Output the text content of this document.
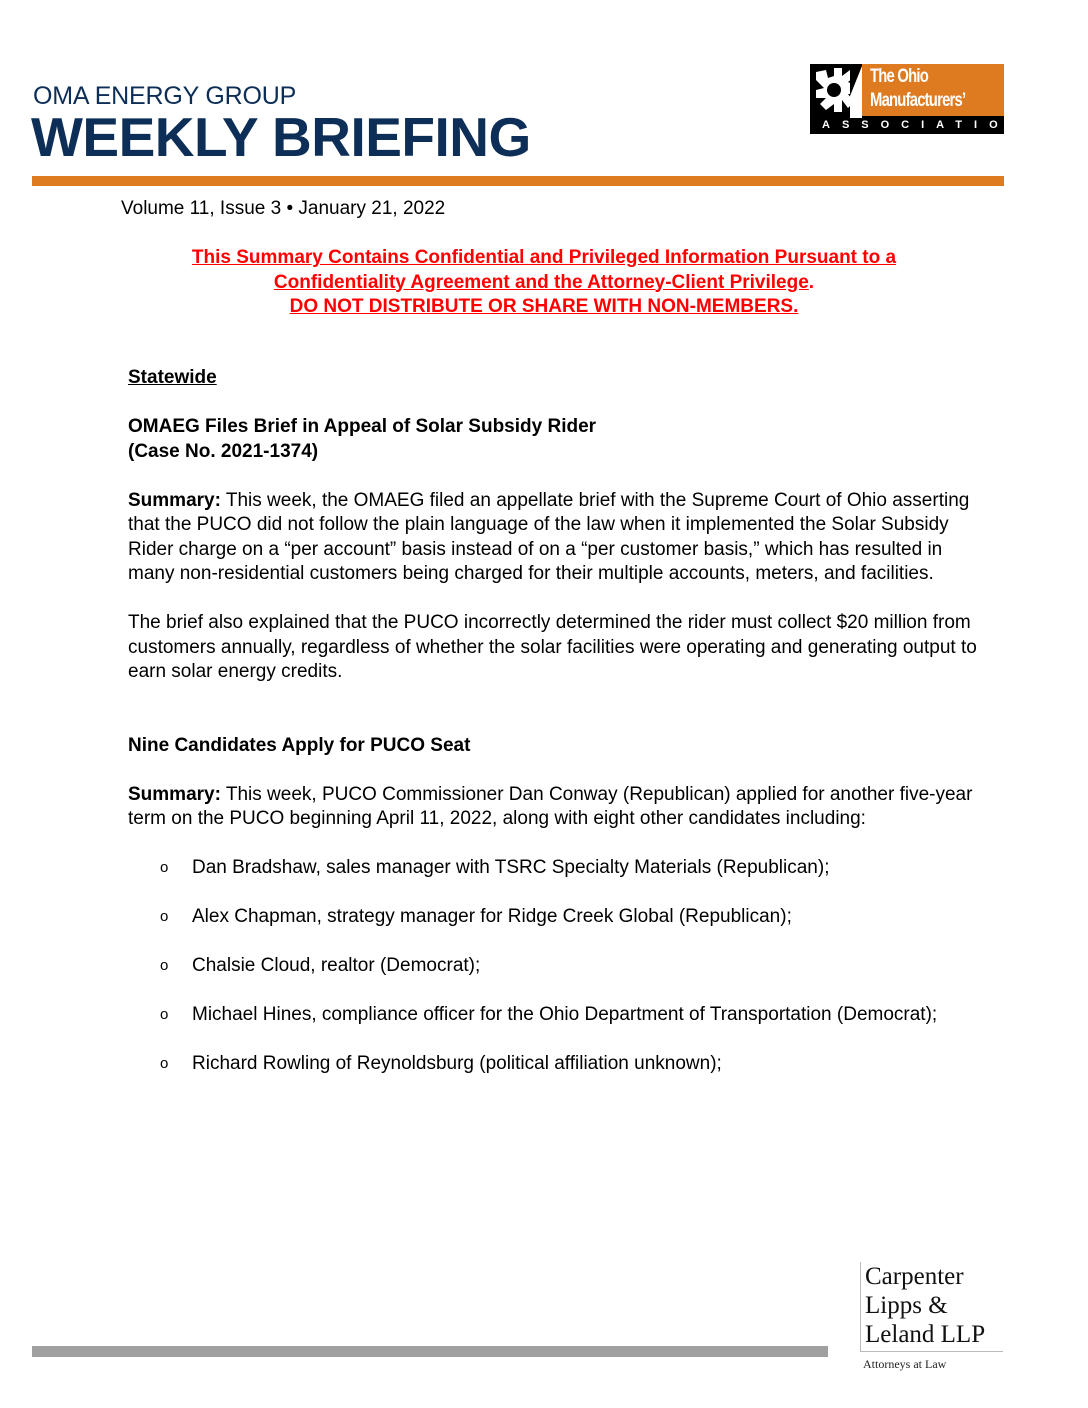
OMA ENERGY GROUP
WEEKLY BRIEFING
The Ohio
Manufacturers’
ASSOCIATION
Volume 11, Issue 3 • January 21, 2022
This Summary Contains Confidential and Privileged Information Pursuant to a
Confidentiality Agreement and the Attorney-Client Privilege.
DO NOT DISTRIBUTE OR SHARE WITH NON-MEMBERS.

Statewide

OMAEG Files Brief in Appeal of Solar Subsidy Rider

(Case No. 2021-1374)

Summary: This week, the OMAEG filed an appellate brief with the Supreme Court of Ohio asserting that the PUCO did not follow the plain language of the law when it implemented the Solar Subsidy Rider charge on a “per account” basis instead of on a “per customer basis,” which has resulted in many non-residential customers being charged for their multiple accounts, meters, and facilities.

The brief also explained that the PUCO incorrectly determined the rider must collect $20 million from customers annually, regardless of whether the solar facilities were operating and generating output to earn solar energy credits.

Nine Candidates Apply for PUCO Seat

Summary: This week, PUCO Commissioner Dan Conway (Republican) applied for another five-year term on the PUCO beginning April 11, 2022, along with eight other candidates including:

o Dan Bradshaw, sales manager with TSRC Specialty Materials (Republican);
o Alex Chapman, strategy manager for Ridge Creek Global (Republican);
o Chalsie Cloud, realtor (Democrat);
o Michael Hines, compliance officer for the Ohio Department of Transportation (Democrat);
o Richard Rowling of Reynoldsburg (political affiliation unknown);
Carpenter
Lipps &
Leland LLP
Attorneys at Law
